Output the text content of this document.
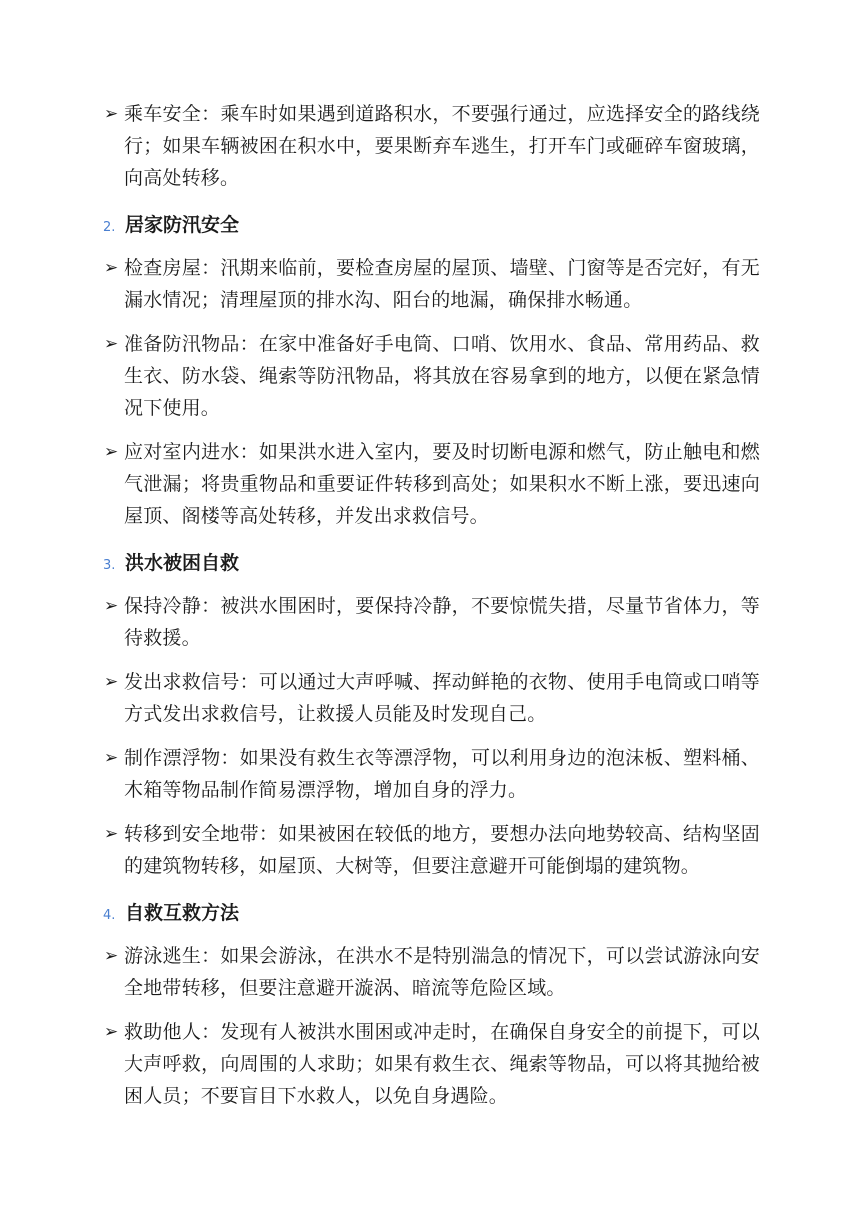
➢ 乘车安全：乘车时如果遇到道路积水，不要强行通过，应选择安全的路线绕行；如果车辆被困在积水中，要果断弃车逃生，打开车门或砸碎车窗玻璃，向高处转移。
2. 居家防汛安全
➢ 检查房屋：汛期来临前，要检查房屋的屋顶、墙壁、门窗等是否完好，有无漏水情况；清理屋顶的排水沟、阳台的地漏，确保排水畅通。
➢ 准备防汛物品：在家中准备好手电筒、口哨、饮用水、食品、常用药品、救生衣、防水袋、绳索等防汛物品，将其放在容易拿到的地方，以便在紧急情况下使用。
➢ 应对室内进水：如果洪水进入室内，要及时切断电源和燃气，防止触电和燃气泄漏；将贵重物品和重要证件转移到高处；如果积水不断上涨，要迅速向屋顶、阁楼等高处转移，并发出求救信号。
3. 洪水被困自救
➢ 保持冷静：被洪水围困时，要保持冷静，不要惊慌失措，尽量节省体力，等待救援。
➢ 发出求救信号：可以通过大声呼喊、挥动鲜艳的衣物、使用手电筒或口哨等方式发出求救信号，让救援人员能及时发现自己。
➢ 制作漂浮物：如果没有救生衣等漂浮物，可以利用身边的泡沫板、塑料桶、木箱等物品制作简易漂浮物，增加自身的浮力。
➢ 转移到安全地带：如果被困在较低的地方，要想办法向地势较高、结构坚固的建筑物转移，如屋顶、大树等，但要注意避开可能倒塌的建筑物。
4. 自救互救方法
➢ 游泳逃生：如果会游泳，在洪水不是特别湍急的情况下，可以尝试游泳向安全地带转移，但要注意避开漩涡、暗流等危险区域。
➢ 救助他人：发现有人被洪水围困或冲走时，在确保自身安全的前提下，可以大声呼救，向周围的人求助；如果有救生衣、绳索等物品，可以将其抛给被困人员；不要盲目下水救人，以免自身遇险。
